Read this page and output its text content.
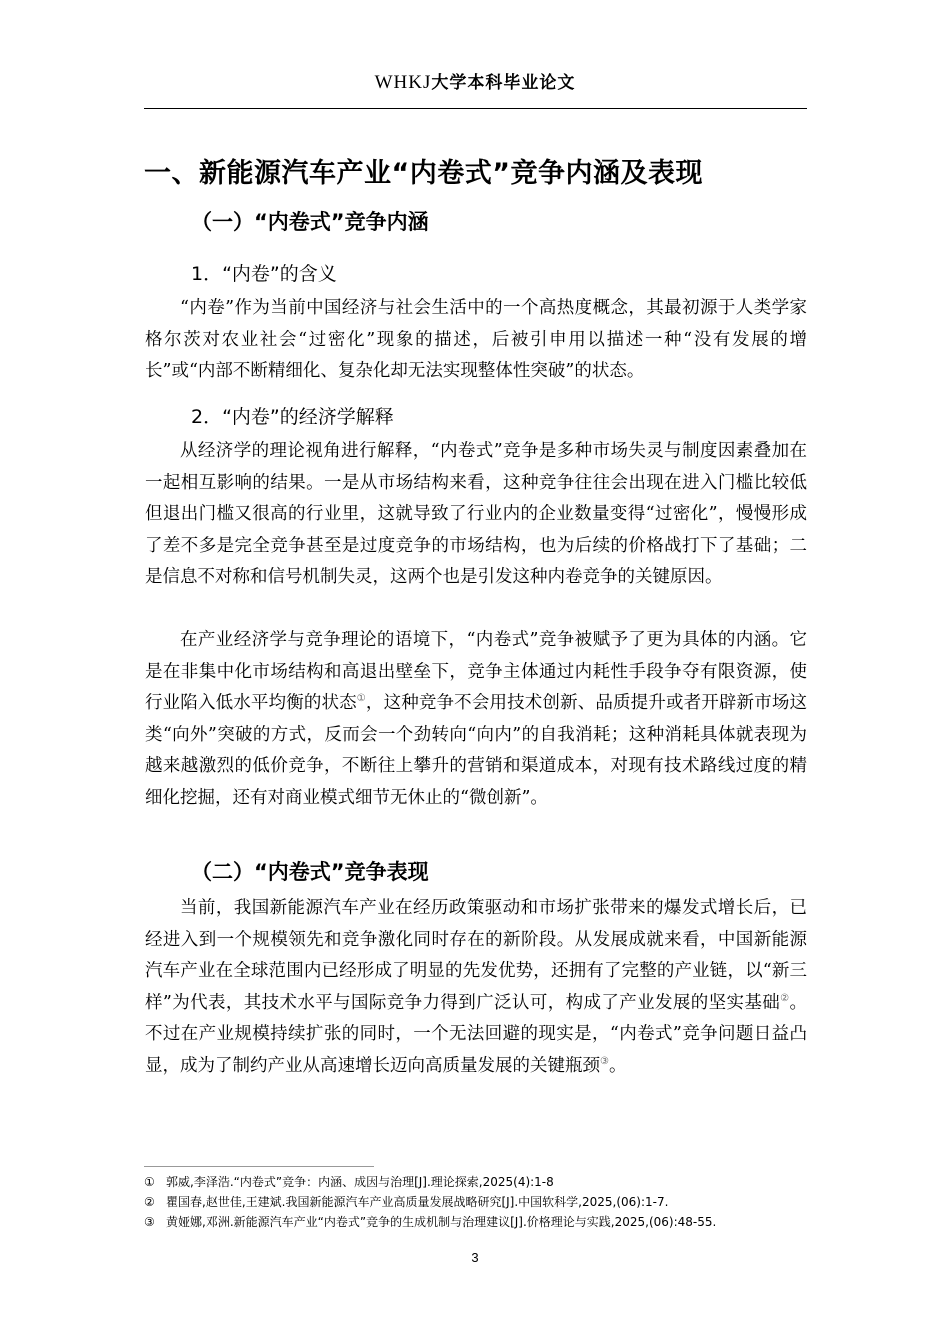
WHKJ大学本科毕业论文
一、新能源汽车产业“内卷式”竞争内涵及表现
（一）“内卷式”竞争内涵
1．“内卷”的含义

“内卷”作为当前中国经济与社会生活中的一个高热度概念，其最初源于人类学家格尔茨对农业社会“过密化”现象的描述，后被引申用以描述一种“没有发展的增长”或“内部不断精细化、复杂化却无法实现整体性突破”的状态。

2．“内卷”的经济学解释

从经济学的理论视角进行解释，“内卷式”竞争是多种市场失灵与制度因素叠加在一起相互影响的结果。一是从市场结构来看，这种竞争往往会出现在进入门槛比较低但退出门槛又很高的行业里，这就导致了行业内的企业数量变得“过密化”，慢慢形成了差不多是完全竞争甚至是过度竞争的市场结构，也为后续的价格战打下了基础；二是信息不对称和信号机制失灵，这两个也是引发这种内卷竞争的关键原因。

在产业经济学与竞争理论的语境下，“内卷式”竞争被赋予了更为具体的内涵。它是在非集中化市场结构和高退出壁垒下，竞争主体通过内耗性手段争夺有限资源，使行业陷入低水平均衡的状态①，这种竞争不会用技术创新、品质提升或者开辟新市场这类“向外”突破的方式，反而会一个劲转向“向内”的自我消耗；这种消耗具体就表现为越来越激烈的低价竞争，不断往上攀升的营销和渠道成本，对现有技术路线过度的精细化挖掘，还有对商业模式细节无休止的“微创新”。

（二）“内卷式”竞争表现

当前，我国新能源汽车产业在经历政策驱动和市场扩张带来的爆发式增长后，已经进入到一个规模领先和竞争激化同时存在的新阶段。从发展成就来看，中国新能源汽车产业在全球范围内已经形成了明显的先发优势，还拥有了完整的产业链，以“新三样”为代表，其技术水平与国际竞争力得到广泛认可，构成了产业发展的坚实基础②。不过在产业规模持续扩张的同时，一个无法回避的现实是，“内卷式”竞争问题日益凸显，成为了制约产业从高速增长迈向高质量发展的关键瓶颈③。

① 郭威,李泽浩.“内卷式”竞争：内涵、成因与治理[J].理论探索,2025(4):1-8
② 瞿国春,赵世佳,王建斌.我国新能源汽车产业高质量发展战略研究[J].中国软科学,2025,(06):1-7.
③ 黄娅娜,邓洲.新能源汽车产业“内卷式”竞争的生成机制与治理建议[J].价格理论与实践,2025,(06):48-55.
3
